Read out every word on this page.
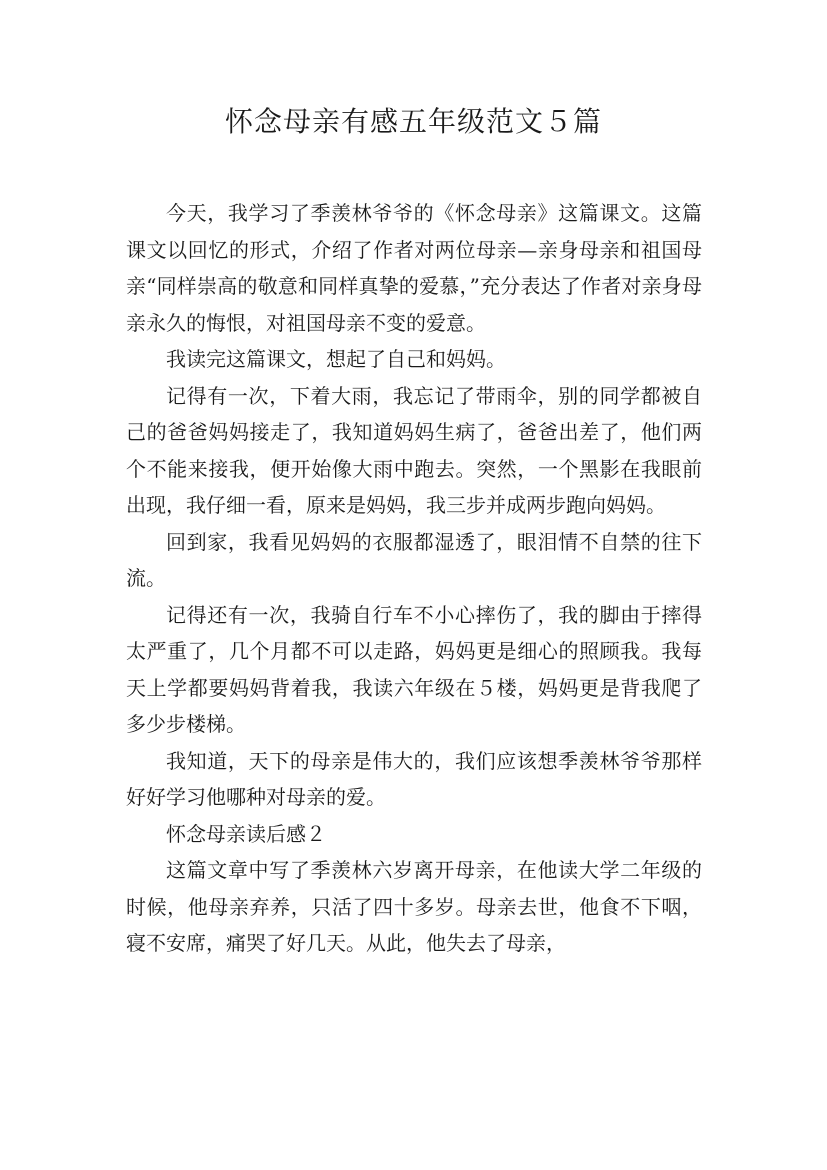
怀念母亲有感五年级范文５篇

今天，我学习了季羡林爷爷的《怀念母亲》这篇课文。这篇课文以回忆的形式，介绍了作者对两位母亲—亲身母亲和祖国母亲“同样崇高的敬意和同样真挚的爱慕，”充分表达了作者对亲身母亲永久的悔恨，对祖国母亲不变的爱意。

我读完这篇课文，想起了自己和妈妈。

记得有一次，下着大雨，我忘记了带雨伞，别的同学都被自己的爸爸妈妈接走了，我知道妈妈生病了，爸爸出差了，他们两个不能来接我，便开始像大雨中跑去。突然，一个黑影在我眼前出现，我仔细一看，原来是妈妈，我三步并成两步跑向妈妈。

回到家，我看见妈妈的衣服都湿透了，眼泪情不自禁的往下流。

记得还有一次，我骑自行车不小心摔伤了，我的脚由于摔得太严重了，几个月都不可以走路，妈妈更是细心的照顾我。我每天上学都要妈妈背着我，我读六年级在５楼，妈妈更是背我爬了多少步楼梯。

我知道，天下的母亲是伟大的，我们应该想季羡林爷爷那样好好学习他哪种对母亲的爱。

怀念母亲读后感２

这篇文章中写了季羡林六岁离开母亲，在他读大学二年级的时候，他母亲弃养，只活了四十多岁。母亲去世，他食不下咽，寝不安席，痛哭了好几天。从此，他失去了母亲，
